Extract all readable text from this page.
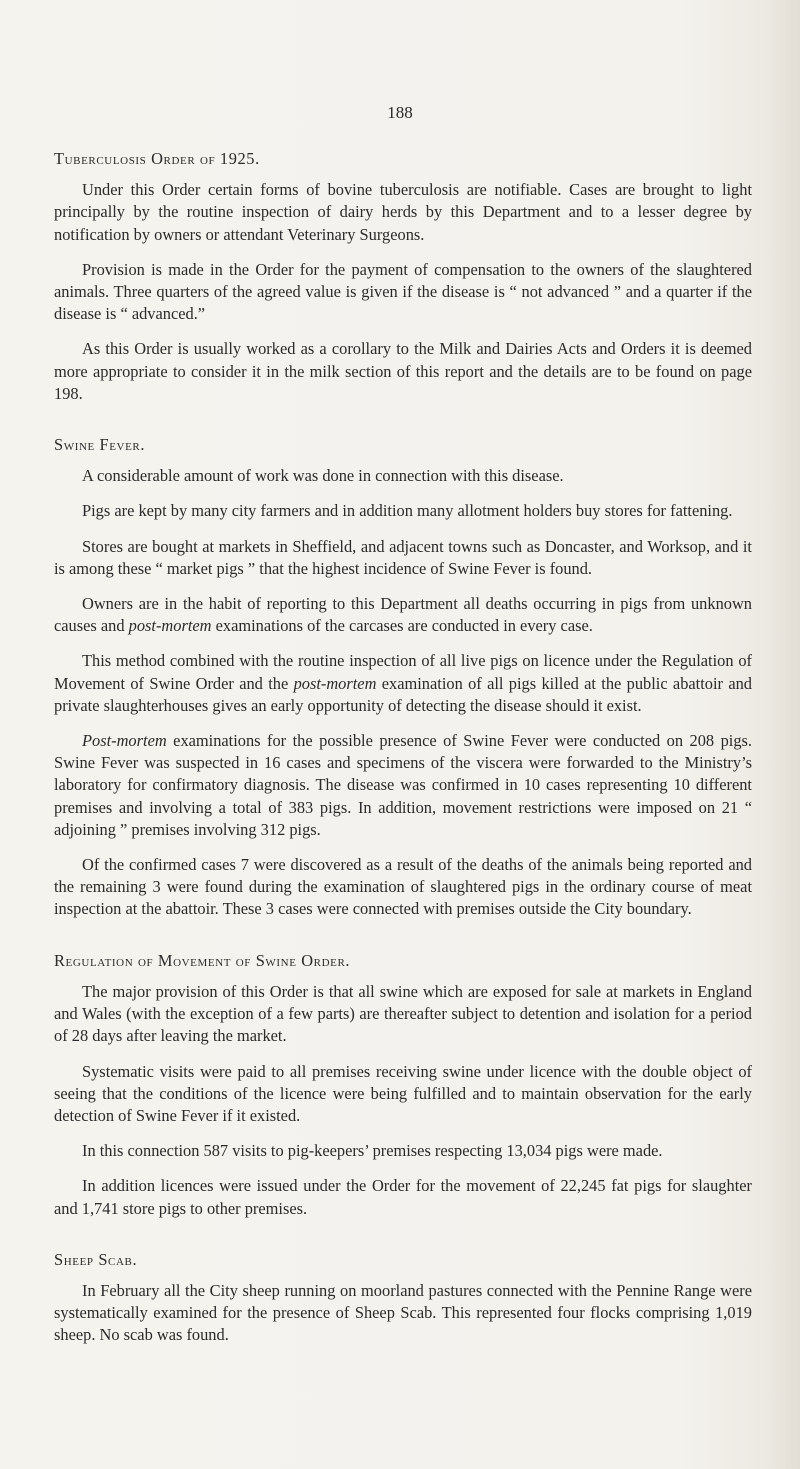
188
Tuberculosis Order of 1925.

Under this Order certain forms of bovine tuberculosis are notifiable. Cases are brought to light principally by the routine inspection of dairy herds by this Department and to a lesser degree by notification by owners or attendant Veterinary Surgeons.

Provision is made in the Order for the payment of compensation to the owners of the slaughtered animals. Three quarters of the agreed value is given if the disease is “ not advanced ” and a quarter if the disease is “ advanced.”

As this Order is usually worked as a corollary to the Milk and Dairies Acts and Orders it is deemed more appropriate to consider it in the milk section of this report and the details are to be found on page 198.

Swine Fever.

A considerable amount of work was done in connection with this disease.

Pigs are kept by many city farmers and in addition many allotment holders buy stores for fattening.

Stores are bought at markets in Sheffield, and adjacent towns such as Doncaster, and Worksop, and it is among these “ market pigs ” that the highest incidence of Swine Fever is found.

Owners are in the habit of reporting to this Department all deaths occurring in pigs from unknown causes and post-mortem examinations of the carcases are conducted in every case.

This method combined with the routine inspection of all live pigs on licence under the Regulation of Movement of Swine Order and the post-mortem examination of all pigs killed at the public abattoir and private slaughterhouses gives an early opportunity of detecting the disease should it exist.

Post-mortem examinations for the possible presence of Swine Fever were conducted on 208 pigs. Swine Fever was suspected in 16 cases and specimens of the viscera were forwarded to the Ministry’s laboratory for confirmatory diagnosis. The disease was confirmed in 10 cases representing 10 different premises and involving a total of 383 pigs. In addition, movement restrictions were imposed on 21 “ adjoining ” premises involving 312 pigs.

Of the confirmed cases 7 were discovered as a result of the deaths of the animals being reported and the remaining 3 were found during the examination of slaughtered pigs in the ordinary course of meat inspection at the abattoir. These 3 cases were connected with premises outside the City boundary.

Regulation of Movement of Swine Order.

The major provision of this Order is that all swine which are exposed for sale at markets in England and Wales (with the exception of a few parts) are thereafter subject to detention and isolation for a period of 28 days after leaving the market.

Systematic visits were paid to all premises receiving swine under licence with the double object of seeing that the conditions of the licence were being fulfilled and to maintain observation for the early detection of Swine Fever if it existed.

In this connection 587 visits to pig-keepers’ premises respecting 13,034 pigs were made.

In addition licences were issued under the Order for the movement of 22,245 fat pigs for slaughter and 1,741 store pigs to other premises.

Sheep Scab.

In February all the City sheep running on moorland pastures connected with the Pennine Range were systematically examined for the presence of Sheep Scab. This represented four flocks comprising 1,019 sheep. No scab was found.
